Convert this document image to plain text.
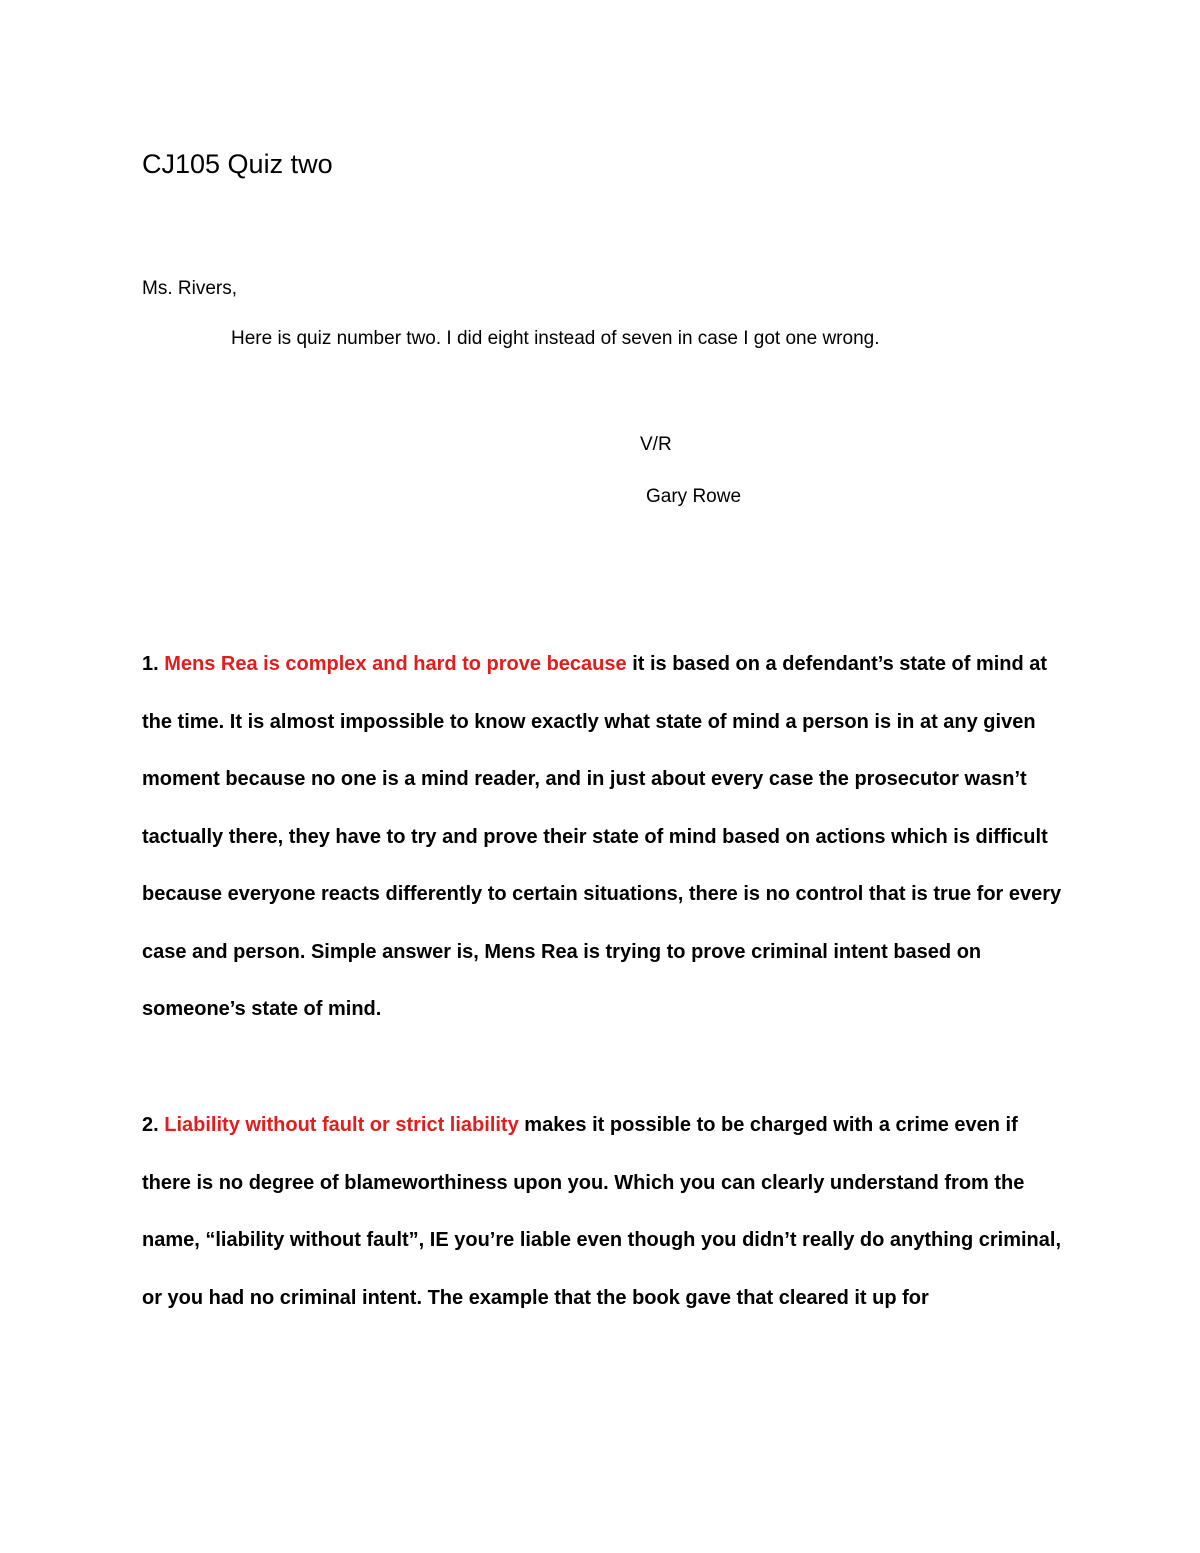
CJ105 Quiz two
Ms. Rivers,
Here is quiz number two. I did eight instead of seven in case I got one wrong.
V/R
Gary Rowe
1. Mens Rea is complex and hard to prove because it is based on a defendant’s state of mind at the time. It is almost impossible to know exactly what state of mind a person is in at any given moment because no one is a mind reader, and in just about every case the prosecutor wasn’t tactually there, they have to try and prove their state of mind based on actions which is difficult because everyone reacts differently to certain situations, there is no control that is true for every case and person. Simple answer is, Mens Rea is trying to prove criminal intent based on someone’s state of mind.
2. Liability without fault or strict liability makes it possible to be charged with a crime even if there is no degree of blameworthiness upon you. Which you can clearly understand from the name, “liability without fault”, IE you’re liable even though you didn’t really do anything criminal, or you had no criminal intent. The example that the book gave that cleared it up for
